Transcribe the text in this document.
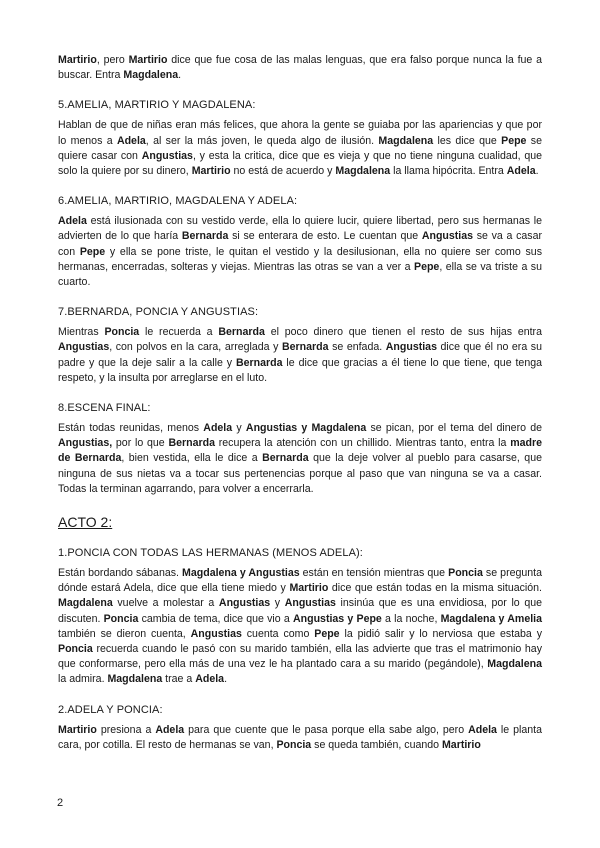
Martirio, pero Martirio dice que fue cosa de las malas lenguas, que era falso porque nunca la fue a buscar. Entra Magdalena.

5.AMELIA, MARTIRIO Y MAGDALENA:

Hablan de que de niñas eran más felices, que ahora la gente se guiaba por las apariencias y que por lo menos a Adela, al ser la más joven, le queda algo de ilusión. Magdalena les dice que Pepe se quiere casar con Angustias, y esta la critica, dice que es vieja y que no tiene ninguna cualidad, que solo la quiere por su dinero, Martirio no está de acuerdo y Magdalena la llama hipócrita. Entra Adela.

6.AMELIA, MARTIRIO, MAGDALENA Y ADELA:

Adela está ilusionada con su vestido verde, ella lo quiere lucir, quiere libertad, pero sus hermanas le advierten de lo que haría Bernarda si se enterara de esto. Le cuentan que Angustias se va a casar con Pepe y ella se pone triste, le quitan el vestido y la desilusionan, ella no quiere ser como sus hermanas, encerradas, solteras y viejas. Mientras las otras se van a ver a Pepe, ella se va triste a su cuarto.

7.BERNARDA, PONCIA Y ANGUSTIAS:

Mientras Poncia le recuerda a Bernarda el poco dinero que tienen el resto de sus hijas entra Angustias, con polvos en la cara, arreglada y Bernarda se enfada. Angustias dice que él no era su padre y que la deje salir a la calle y Bernarda le dice que gracias a él tiene lo que tiene, que tenga respeto, y la insulta por arreglarse en el luto.

8.ESCENA FINAL:

Están todas reunidas, menos Adela y Angustias y Magdalena se pican, por el tema del dinero de Angustias, por lo que Bernarda recupera la atención con un chillido. Mientras tanto, entra la madre de Bernarda, bien vestida, ella le dice a Bernarda que la deje volver al pueblo para casarse, que ninguna de sus nietas va a tocar sus pertenencias porque al paso que van ninguna se va a casar. Todas la terminan agarrando, para volver a encerrarla.

ACTO 2:
1.PONCIA CON TODAS LAS HERMANAS (MENOS ADELA):

Están bordando sábanas. Magdalena y Angustias están en tensión mientras que Poncia se pregunta dónde estará Adela, dice que ella tiene miedo y Martirio dice que están todas en la misma situación. Magdalena vuelve a molestar a Angustias y Angustias insinúa que es una envidiosa, por lo que discuten. Poncia cambia de tema, dice que vio a Angustias y Pepe a la noche, Magdalena y Amelia también se dieron cuenta, Angustias cuenta como Pepe la pidió salir y lo nerviosa que estaba y Poncia recuerda cuando le pasó con su marido también, ella las advierte que tras el matrimonio hay que conformarse, pero ella más de una vez le ha plantado cara a su marido (pegándole), Magdalena la admira. Magdalena trae a Adela.

2.ADELA Y PONCIA:

Martirio presiona a Adela para que cuente que le pasa porque ella sabe algo, pero Adela le planta cara, por cotilla. El resto de hermanas se van, Poncia se queda también, cuando Martirio

2
